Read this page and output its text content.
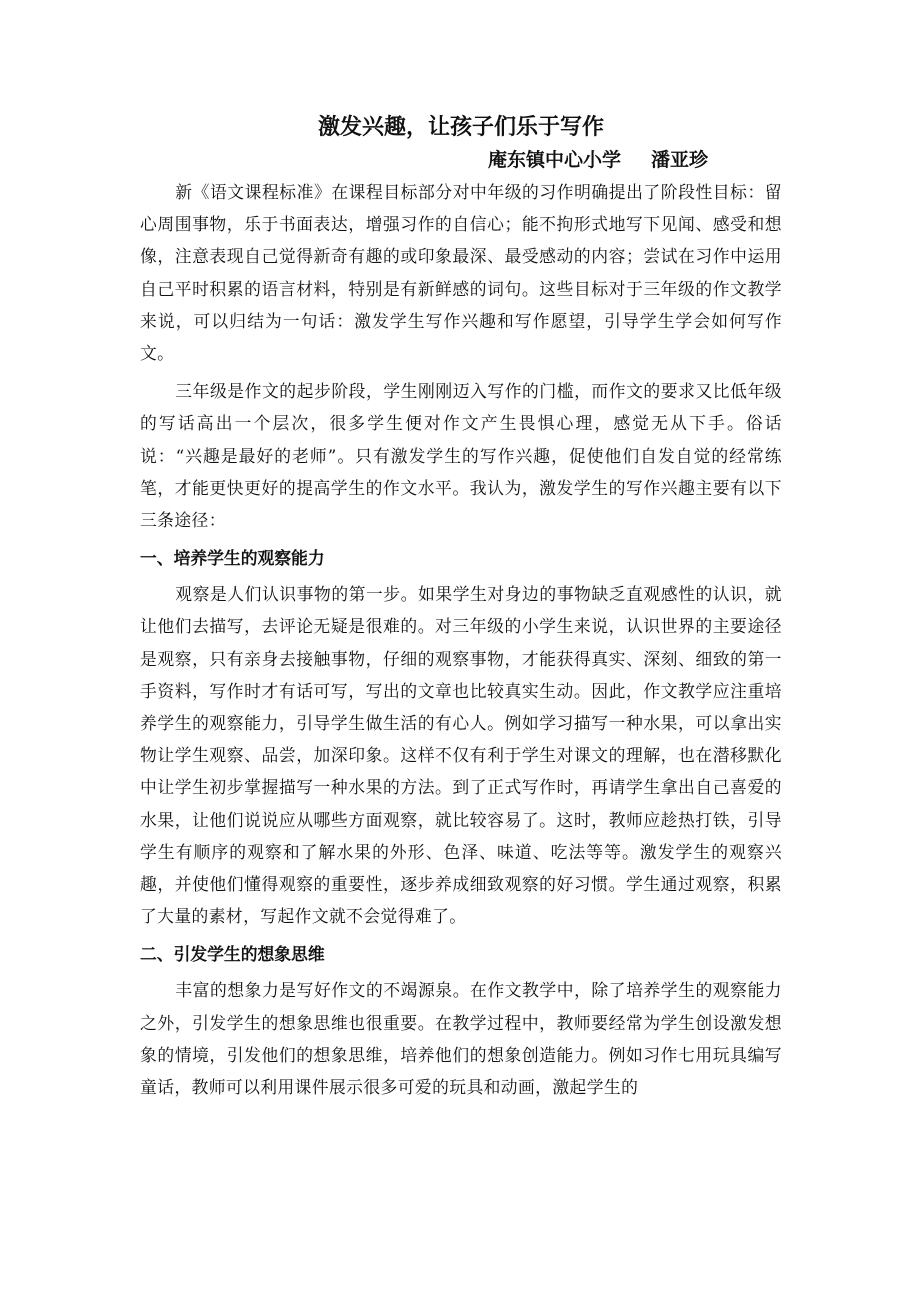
激发兴趣，让孩子们乐于写作

庵东镇中心小学 潘亚珍

新《语文课程标准》在课程目标部分对中年级的习作明确提出了阶段性目标：留心周围事物，乐于书面表达，增强习作的自信心；能不拘形式地写下见闻、感受和想像，注意表现自己觉得新奇有趣的或印象最深、最受感动的内容；尝试在习作中运用自己平时积累的语言材料，特别是有新鲜感的词句。这些目标对于三年级的作文教学来说，可以归结为一句话：激发学生写作兴趣和写作愿望，引导学生学会如何写作文。

三年级是作文的起步阶段，学生刚刚迈入写作的门槛，而作文的要求又比低年级的写话高出一个层次，很多学生便对作文产生畏惧心理，感觉无从下手。俗话说：“兴趣是最好的老师”。只有激发学生的写作兴趣，促使他们自发自觉的经常练笔，才能更快更好的提高学生的作文水平。我认为，激发学生的写作兴趣主要有以下三条途径：

一、培养学生的观察能力

观察是人们认识事物的第一步。如果学生对身边的事物缺乏直观感性的认识，就让他们去描写，去评论无疑是很难的。对三年级的小学生来说，认识世界的主要途径是观察，只有亲身去接触事物，仔细的观察事物，才能获得真实、深刻、细致的第一手资料，写作时才有话可写，写出的文章也比较真实生动。因此，作文教学应注重培养学生的观察能力，引导学生做生活的有心人。例如学习描写一种水果，可以拿出实物让学生观察、品尝，加深印象。这样不仅有利于学生对课文的理解，也在潜移默化中让学生初步掌握描写一种水果的方法。到了正式写作时，再请学生拿出自己喜爱的水果，让他们说说应从哪些方面观察，就比较容易了。这时，教师应趁热打铁，引导学生有顺序的观察和了解水果的外形、色泽、味道、吃法等等。激发学生的观察兴趣，并使他们懂得观察的重要性，逐步养成细致观察的好习惯。学生通过观察，积累了大量的素材，写起作文就不会觉得难了。

二、引发学生的想象思维

丰富的想象力是写好作文的不竭源泉。在作文教学中，除了培养学生的观察能力之外，引发学生的想象思维也很重要。在教学过程中，教师要经常为学生创设激发想象的情境，引发他们的想象思维，培养他们的想象创造能力。例如习作七用玩具编写童话，教师可以利用课件展示很多可爱的玩具和动画，激起学生的
